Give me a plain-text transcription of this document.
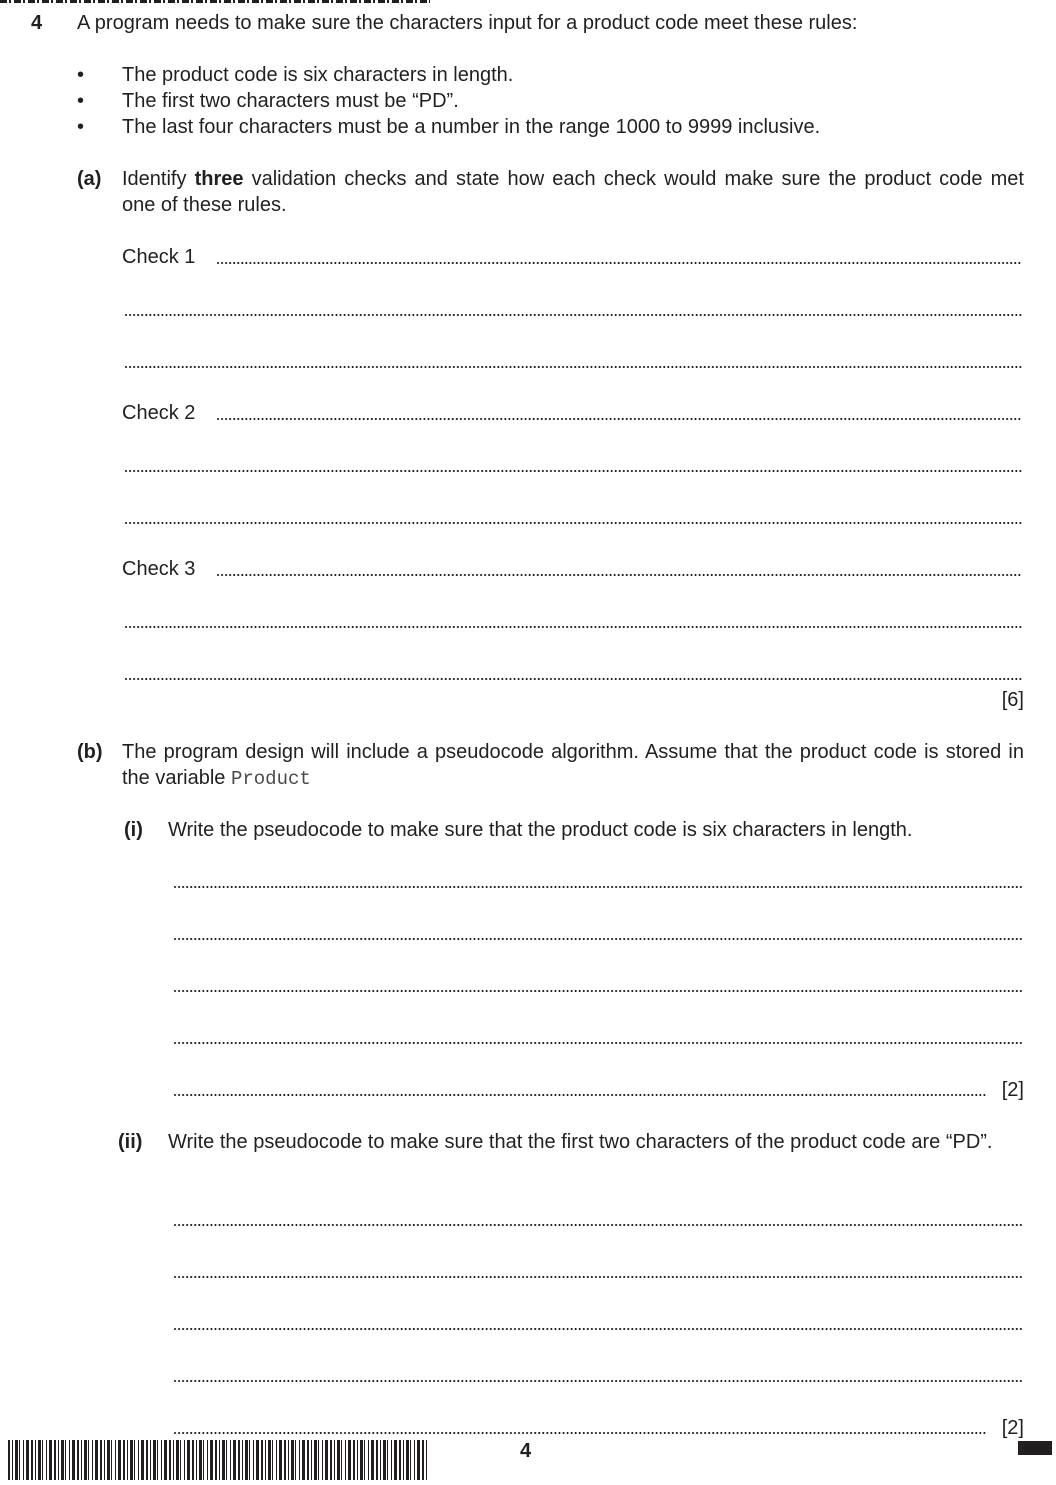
4 A program needs to make sure the characters input for a product code meet these rules:
• The product code is six characters in length.
• The first two characters must be “PD”.
• The last four characters must be a number in the range 1000 to 9999 inclusive.
(a) Identify three validation checks and state how each check would make sure the product code met one of these rules.
Check 1
Check 2
Check 3
[6]
(b) The program design will include a pseudocode algorithm. Assume that the product code is stored in the variable Product
(i) Write the pseudocode to make sure that the product code is six characters in length.
[2]
(ii) Write the pseudocode to make sure that the first two characters of the product code are “PD”.
[2]
4
